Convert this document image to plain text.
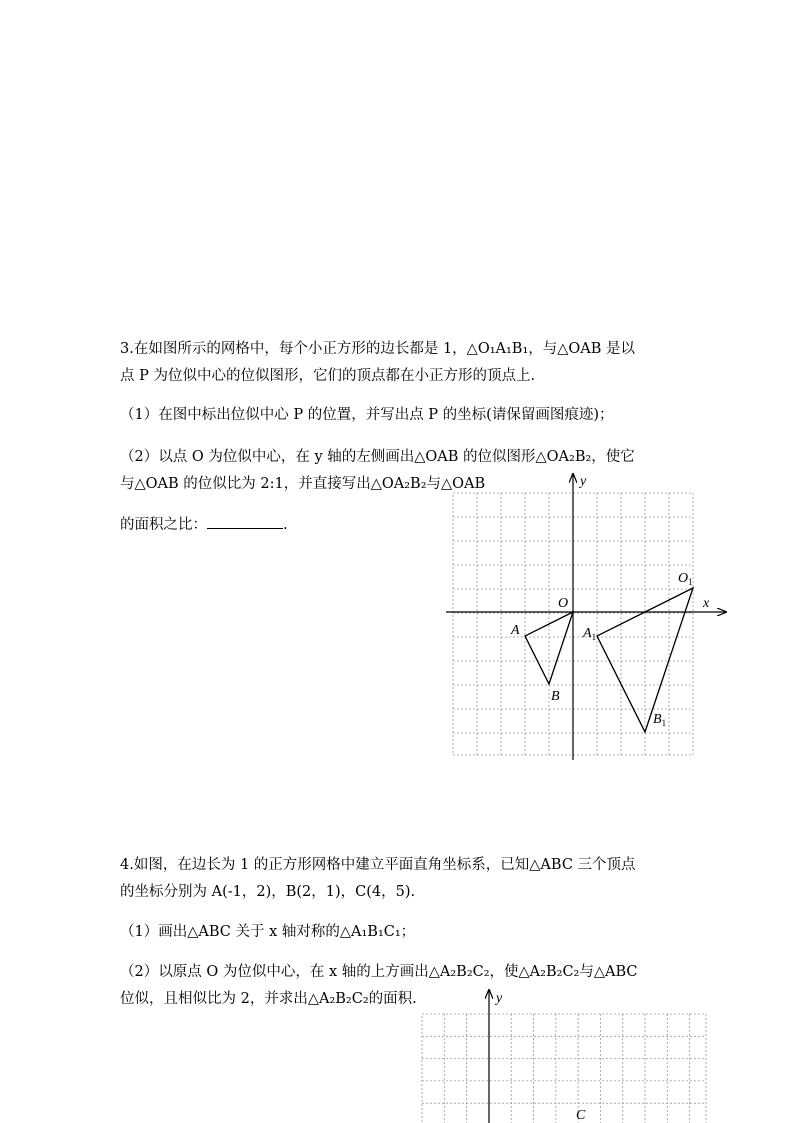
3.在如图所示的网格中，每个小正方形的边长都是 1，△O₁A₁B₁，与△OAB 是以
点 P 为位似中心的位似图形，它们的顶点都在小正方形的顶点上.
（1）在图中标出位似中心 P 的位置，并写出点 P 的坐标(请保留画图痕迹)；
（2）以点 O 为位似中心，在 y 轴的左侧画出△OAB 的位似图形△OA₂B₂，使它
与△OAB 的位似比为 2:1，并直接写出△OA₂B₂与△OAB
的面积之比：	.
4.如图，在边长为 1 的正方形网格中建立平面直角坐标系，已知△ABC 三个顶点
的坐标分别为 A(-1，2)，B(2，1)，C(4，5).
（1）画出△ABC 关于 x 轴对称的△A₁B₁C₁；
（2）以原点 O 为位似中心，在 x 轴的上方画出△A₂B₂C₂，使△A₂B₂C₂与△ABC
位似，且相似比为 2，并求出△A₂B₂C₂的面积.
x
y
O
A
B
$O_1$
$A_1$
$B_1$
y
C
